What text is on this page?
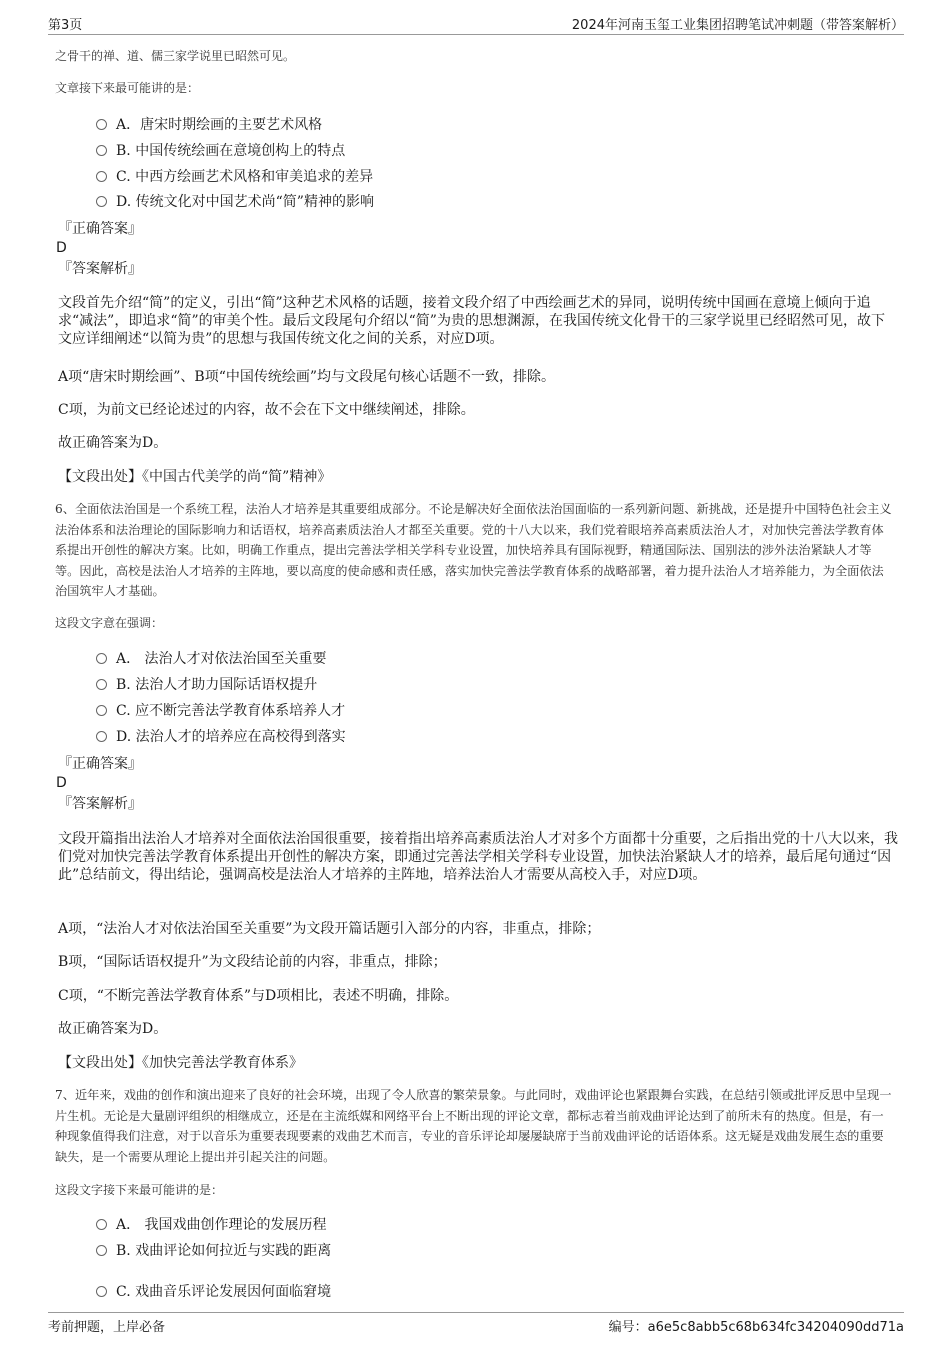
第3页	2024年河南玉玺工业集团招聘笔试冲刺题（带答案解析）
之骨干的禅、道、儒三家学说里已昭然可见。
文章接下来最可能讲的是：
A．唐宋时期绘画的主要艺术风格
B. 中国传统绘画在意境创构上的特点
C. 中西方绘画艺术风格和审美追求的差异
D. 传统文化对中国艺术尚“简”精神的影响
『正确答案』
D
『答案解析』
文段首先介绍“简”的定义，引出“简”这种艺术风格的话题，接着文段介绍了中西绘画艺术的异同，说明传统中国画在意境上倾向于追求“减法”，即追求“简”的审美个性。最后文段尾句介绍以“简”为贵的思想渊源，在我国传统文化骨干的三家学说里已经昭然可见，故下文应详细阐述“以简为贵”的思想与我国传统文化之间的关系，对应D项。
A项“唐宋时期绘画”、B项“中国传统绘画”均与文段尾句核心话题不一致，排除。
C项，为前文已经论述过的内容，故不会在下文中继续阐述，排除。
故正确答案为D。
【文段出处】《中国古代美学的尚“简”精神》
6、全面依法治国是一个系统工程，法治人才培养是其重要组成部分。不论是解决好全面依法治国面临的一系列新问题、新挑战，还是提升中国特色社会主义法治体系和法治理论的国际影响力和话语权，培养高素质法治人才都至关重要。党的十八大以来，我们党着眼培养高素质法治人才，对加快完善法学教育体系提出开创性的解决方案。比如，明确工作重点，提出完善法学相关学科专业设置，加快培养具有国际视野，精通国际法、国别法的涉外法治紧缺人才等等。因此，高校是法治人才培养的主阵地，要以高度的使命感和责任感，落实加快完善法学教育体系的战略部署，着力提升法治人才培养能力，为全面依法治国筑牢人才基础。
这段文字意在强调：
A． 法治人才对依法治国至关重要
B. 法治人才助力国际话语权提升
C. 应不断完善法学教育体系培养人才
D. 法治人才的培养应在高校得到落实
『正确答案』
D
『答案解析』
文段开篇指出法治人才培养对全面依法治国很重要，接着指出培养高素质法治人才对多个方面都十分重要，之后指出党的十八大以来，我们党对加快完善法学教育体系提出开创性的解决方案，即通过完善法学相关学科专业设置，加快法治紧缺人才的培养，最后尾句通过“因此”总结前文，得出结论，强调高校是法治人才培养的主阵地，培养法治人才需要从高校入手，对应D项。
A项，“法治人才对依法治国至关重要”为文段开篇话题引入部分的内容，非重点，排除；
B项，“国际话语权提升”为文段结论前的内容，非重点，排除；
C项，“不断完善法学教育体系”与D项相比，表述不明确，排除。
故正确答案为D。
【文段出处】《加快完善法学教育体系》
7、近年来，戏曲的创作和演出迎来了良好的社会环境，出现了令人欣喜的繁荣景象。与此同时，戏曲评论也紧跟舞台实践，在总结引领或批评反思中呈现一片生机。无论是大量剧评组织的相继成立，还是在主流纸媒和网络平台上不断出现的评论文章，都标志着当前戏曲评论达到了前所未有的热度。但是，有一种现象值得我们注意，对于以音乐为重要表现要素的戏曲艺术而言，专业的音乐评论却屡屡缺席于当前戏曲评论的话语体系。这无疑是戏曲发展生态的重要缺失，是一个需要从理论上提出并引起关注的问题。
这段文字接下来最可能讲的是：
A． 我国戏曲创作理论的发展历程
B. 戏曲评论如何拉近与实践的距离
C. 戏曲音乐评论发展因何面临窘境
考前押题，上岸必备	编号：a6e5c8abb5c68b634fc34204090dd71a
